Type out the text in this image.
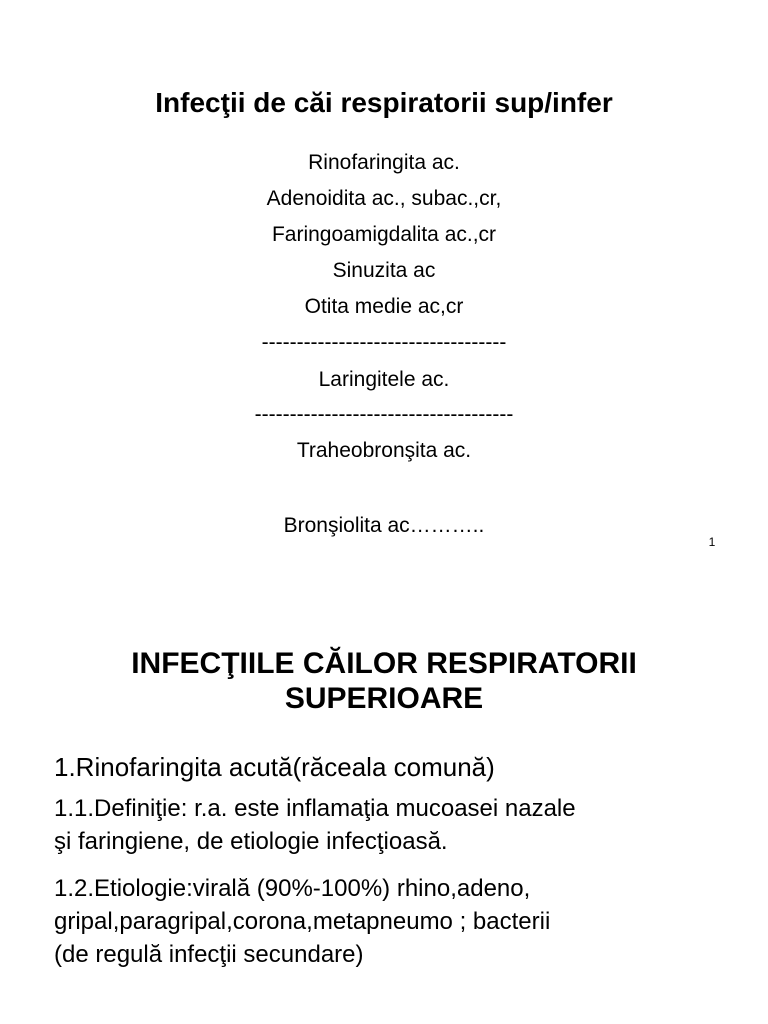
Infecţii de căi respiratorii sup/infer
Rinofaringita ac.
Adenoidita ac., subac.,cr,
Faringoamigdalita ac.,cr
Sinuzita ac
Otita medie ac,cr
-----------------------------------
Laringitele ac.
-------------------------------------
Traheobronşita ac.
Bronşiolita ac………..
1
INFECŢIILE CĂILOR RESPIRATORII
SUPERIOARE
1.Rinofaringita acută(răceala comună)
1.1.Definiţie: r.a. este inflamaţia mucoasei nazale
şi faringiene, de etiologie infecţioasă.
1.2.Etiologie:virală (90%-100%) rhino,adeno,
gripal,paragripal,corona,metapneumo ; bacterii
(de regulă infecţii secundare)
